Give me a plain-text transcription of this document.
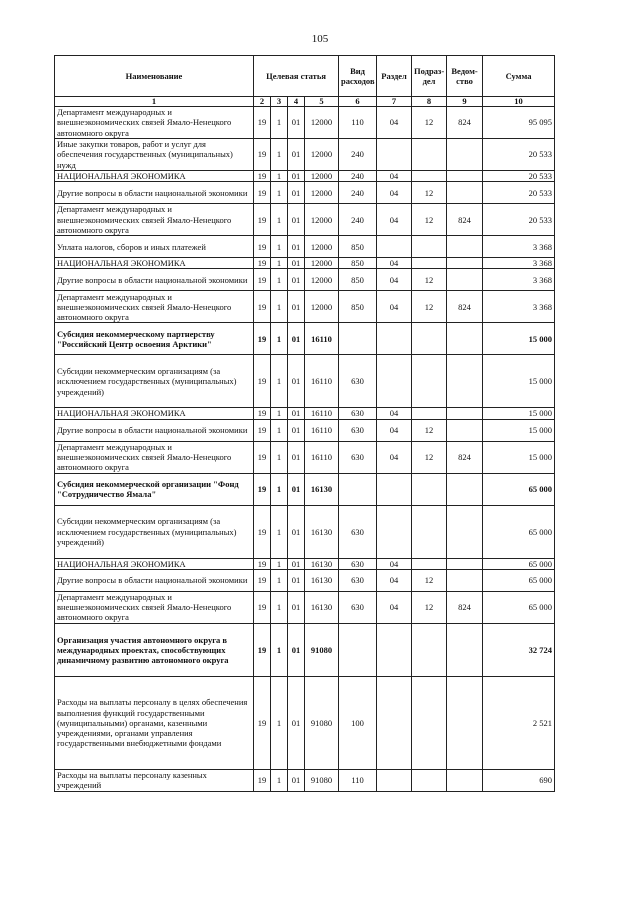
105
Наименование	Целевая статья				Вид расходов	Раздел	Подраз-дел	Ведом-ство	Сумма
1	2	3	4	5	6	7	8	9	10
Департамент международных и внешнеэкономических связей Ямало-Ненецкого автономного округа	19	1	01	12000	110	04	12	824	95 095
Иные закупки товаров, работ и услуг для обеспечения государственных (муниципальных) нужд	19	1	01	12000	240				20 533
НАЦИОНАЛЬНАЯ ЭКОНОМИКА	19	1	01	12000	240	04			20 533
Другие вопросы в области национальной экономики	19	1	01	12000	240	04	12		20 533
Департамент международных и внешнеэкономических связей Ямало-Ненецкого автономного округа	19	1	01	12000	240	04	12	824	20 533
Уплата налогов, сборов и иных платежей	19	1	01	12000	850				3 368
НАЦИОНАЛЬНАЯ ЭКОНОМИКА	19	1	01	12000	850	04			3 368
Другие вопросы в области национальной экономики	19	1	01	12000	850	04	12		3 368
Департамент международных и внешнеэкономических связей Ямало-Ненецкого автономного округа	19	1	01	12000	850	04	12	824	3 368
Субсидия некоммерческому партнерству "Российский Центр освоения Арктики"	19	1	01	16110					15 000
Субсидии некоммерческим организациям (за исключением государственных (муниципальных) учреждений)	19	1	01	16110	630				15 000
НАЦИОНАЛЬНАЯ ЭКОНОМИКА	19	1	01	16110	630	04			15 000
Другие вопросы в области национальной экономики	19	1	01	16110	630	04	12		15 000
Департамент международных и внешнеэкономических связей Ямало-Ненецкого автономного округа	19	1	01	16110	630	04	12	824	15 000
Субсидия некоммерческой организации "Фонд "Сотрудничество Ямала"	19	1	01	16130					65 000
Субсидии некоммерческим организациям (за исключением государственных (муниципальных) учреждений)	19	1	01	16130	630				65 000
НАЦИОНАЛЬНАЯ ЭКОНОМИКА	19	1	01	16130	630	04			65 000
Другие вопросы в области национальной экономики	19	1	01	16130	630	04	12		65 000
Департамент международных и внешнеэкономических связей Ямало-Ненецкого автономного округа	19	1	01	16130	630	04	12	824	65 000
Организация участия автономного округа в международных проектах, способствующих динамичному развитию автономного округа	19	1	01	91080					32 724
Расходы на выплаты персоналу в целях обеспечения выполнения функций государственными (муниципальными) органами, казенными учреждениями, органами управления государственными внебюджетными фондами	19	1	01	91080	100				2 521
Расходы на выплаты персоналу казенных учреждений	19	1	01	91080	110				690
